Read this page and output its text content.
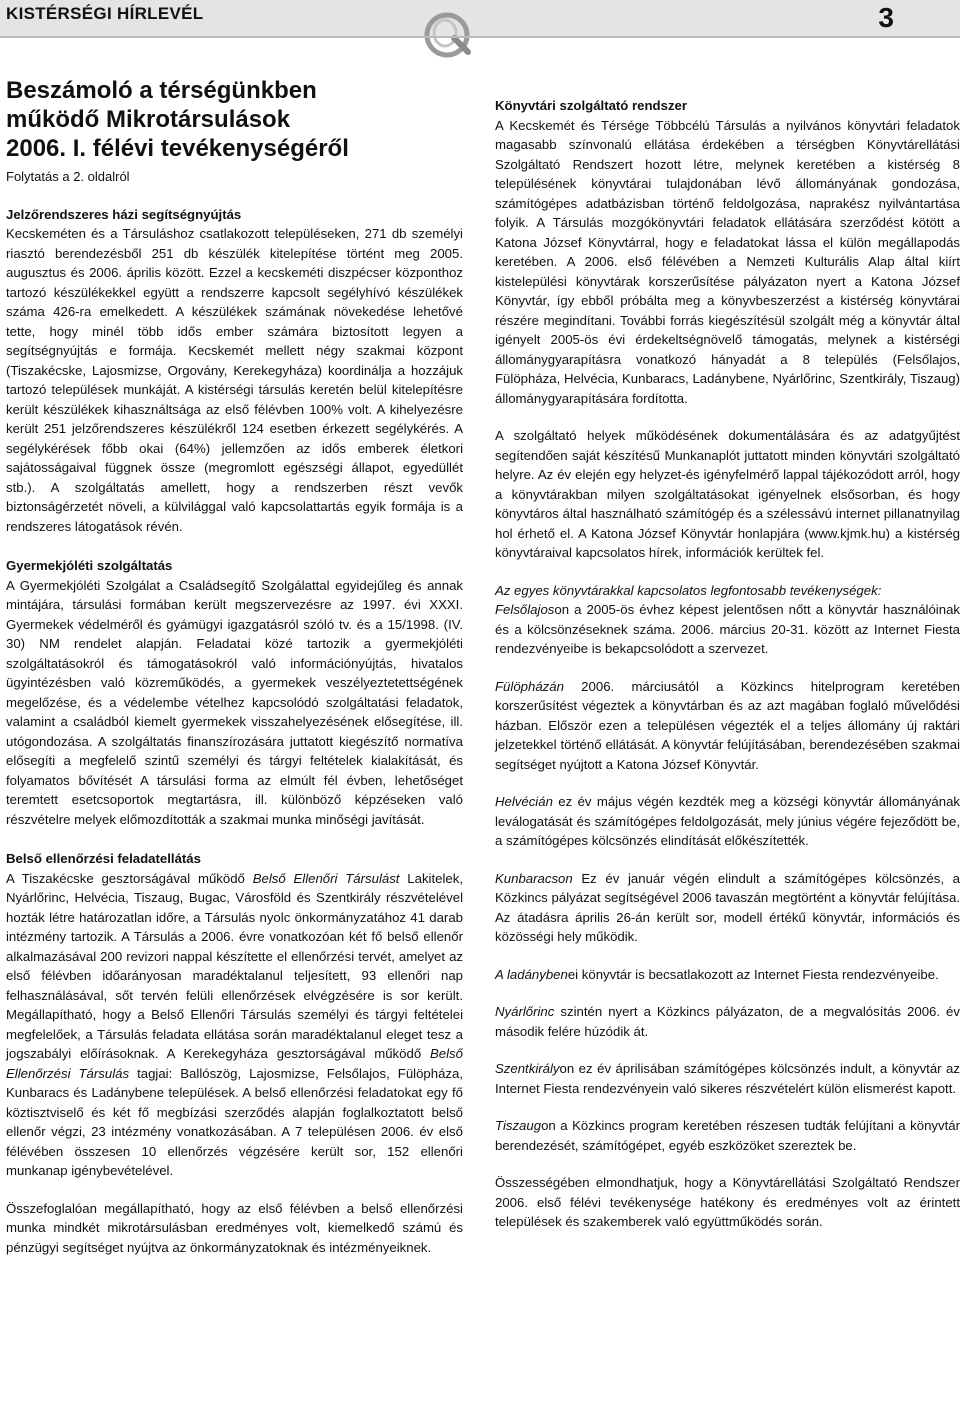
KISTÉRSÉGI HÍRLEVÉL	3

Beszámoló a térségünkben

működő Mikrotársulások

2006. I. félévi tevékenységéről

Folytatás a 2. oldalról

Jelzőrendszeres házi segítségnyújtás

Kecskeméten és a Társuláshoz csatlakozott településeken, 271 db személyi riasztó berendezésből 251 db készülék kitelepítése történt meg 2005. augusztus és 2006. április között. Ezzel a kecskeméti diszpécser központhoz tartozó készülékekkel együtt a rendszerre kapcsolt segélyhívó készülékek száma 426-ra emelkedett. A készülékek számának növekedése lehetővé tette, hogy minél több idős ember számára biztosított legyen a segítségnyújtás e formája. Kecskemét mellett négy szakmai központ (Tiszakécske, Lajosmizse, Orgovány, Kerekegyháza) koordinálja a hozzájuk tartozó települések munkáját. A kistérségi társulás keretén belül kitelepítésre került készülékek kihasználtsága az első félévben 100% volt. A kihelyezésre került 251 jelzőrendszeres készülékről 124 esetben érkezett segélykérés. A segélykérések főbb okai (64%) jellemzően az idős emberek életkori sajátosságaival függnek össze (megromlott egészségi állapot, egyedüllét stb.). A szolgáltatás amellett, hogy a rendszerben részt vevők biztonságérzetét növeli, a külvilággal való kapcsolattartás egyik formája is a rendszeres látogatások révén.

Gyermekjóléti szolgáltatás

A Gyermekjóléti Szolgálat a Családsegítő Szolgálattal egyidejűleg és annak mintájára, társulási formában került megszervezésre az 1997. évi XXXI. Gyermekek védelméről és gyámügyi igazgatásról szóló tv. és a 15/1998. (IV. 30) NM rendelet alapján. Feladatai közé tartozik a gyermekjóléti szolgáltatásokról és támogatásokról való információnyújtás, hivatalos ügyintézésben való közreműködés, a gyermekek veszélyeztetettségének megelőzése, és a védelembe vételhez kapcsolódó szolgáltatási feladatok, valamint a családból kiemelt gyermekek visszahelyezésének elősegítése, ill. utógondozása. A szolgáltatás finanszírozására juttatott kiegészítő normatíva elősegíti a megfelelő szintű személyi és tárgyi feltételek kialakítását, és folyamatos bővítését A társulási forma az elmúlt fél évben, lehetőséget teremtett esetcsoportok megtartásra, ill. különböző képzéseken való részvételre melyek előmozdították a szakmai munka minőségi javítását.

Belső ellenőrzési feladatellátás

A Tiszakécske gesztorságával működő Belső Ellenőri Társulást Lakitelek, Nyárlőrinc, Helvécia, Tiszaug, Bugac, Városföld és Szentkirály részvételével hozták létre határozatlan időre, a Társulás nyolc önkormányzatához 41 darab intézmény tartozik. A Társulás a 2006. évre vonatkozóan két fő belső ellenőr alkalmazásával 200 revizori nappal készítette el ellenőrzési tervét, amelyet az első félévben időarányosan maradéktalanul teljesített, 93 ellenőri nap felhasználásával, sőt tervén felüli ellenőrzések elvégzésére is sor került. Megállapítható, hogy a Belső Ellenőri Társulás személyi és tárgyi feltételei megfelelőek, a Társulás feladata ellátása során maradéktalanul eleget tesz a jogszabályi előírásoknak. A Kerekegyháza gesztorságával működő Belső Ellenőrzési Társulás tagjai: Ballószög, Lajosmizse, Felsőlajos, Fülöpháza, Kunbaracs és Ladánybene települések. A belső ellenőrzési feladatokat egy fő köztisztviselő és két fő megbízási szerződés alapján foglalkoztatott belső ellenőr végzi, 23 intézmény vonatkozásában. A 7 településen 2006. év első félévében összesen 10 ellenőrzés végzésére került sor, 152 ellenőri munkanap igénybevételével.

Összefoglalóan megállapítható, hogy az első félévben a belső ellenőrzési munka mindkét mikrotársulásban eredményes volt, kiemelkedő számú és pénzügyi segítséget nyújtva az önkormányzatoknak és intézményeiknek.

Könyvtári szolgáltató rendszer

A Kecskemét és Térsége Többcélú Társulás a nyilvános könyvtári feladatok magasabb színvonalú ellátása érdekében a térségben Könyvtárellátási Szolgáltató Rendszert hozott létre, melynek keretében a kistérség 8 településének könyvtárai tulajdonában lévő állományának gondozása, számítógépes adatbázisban történő feldolgozása, naprakész nyilvántartása folyik. A Társulás mozgókönyvtári feladatok ellátására szerződést kötött a Katona József Könyvtárral, hogy e feladatokat lássa el külön megállapodás keretében. A 2006. első félévében a Nemzeti Kulturális Alap által kiírt kistelepülési könyvtárak korszerűsítése pályázaton nyert a Katona József Könyvtár, így ebből próbálta meg a könyvbeszerzést a kistérség könyvtárai részére megindítani. További forrás kiegészítésül szolgált még a könyvtár által igényelt 2005-ös évi érdekeltségnövelő támogatás, melynek a kistérségi állománygyarapításra vonatkozó hányadát a 8 település (Felsőlajos, Fülöpháza, Helvécia, Kunbaracs, Ladánybene, Nyárlőrinc, Szentkirály, Tiszaug) állománygyarapítására fordította.

A szolgáltató helyek működésének dokumentálására és az adatgyűjtést segítendően saját készítésű Munkanaplót juttatott minden könyvtári szolgáltató helyre. Az év elején egy helyzet-és igényfelmérő lappal tájékozódott arról, hogy a könyvtárakban milyen szolgáltatásokat igényelnek elsősorban, és hogy könyvtáros által használható számítógép és a szélessávú internet pillanatnyilag hol érhető el. A Katona József Könyvtár honlapjára (www.kjmk.hu) a kistérség könyvtáraival kapcsolatos hírek, információk kerültek fel.

Az egyes könyvtárakkal kapcsolatos legfontosabb tevékenységek:

Felsőlajoson a 2005-ös évhez képest jelentősen nőtt a könyvtár használóinak és a kölcsönzéseknek száma. 2006. március 20-31. között az Internet Fiesta rendezvényeibe is bekapcsolódott a szervezet.

Fülöpházán 2006. márciusától a Közkincs hitelprogram keretében korszerűsítést végeztek a könyvtárban és az azt magában foglaló művelődési házban. Először ezen a településen végezték el a teljes állomány új raktári jelzetekkel történő ellátását. A könyvtár felújításában, berendezésében szakmai segítséget nyújtott a Katona József Könyvtár.

Helvécián ez év május végén kezdték meg a községi könyvtár állományának leválogatását és számítógépes feldolgozását, mely június végére fejeződött be, a számítógépes kölcsönzés elindítását előkészítették.

Kunbaracson Ez év január végén elindult a számítógépes kölcsönzés, a Közkincs pályázat segítségével 2006 tavaszán megtörtént a könyvtár felújítása. Az átadásra április 26-án került sor, modell értékű könyvtár, információs és közösségi hely működik.

A ladánybenei könyvtár is becsatlakozott az Internet Fiesta rendezvényeibe.

Nyárlőrinc szintén nyert a Közkincs pályázaton, de a megvalósítás 2006. év második felére húzódik át.

Szentkirályon ez év áprilisában számítógépes kölcsönzés indult, a könyvtár az Internet Fiesta rendezvényein való sikeres részvételért külön elismerést kapott.

Tiszaugon a Közkincs program keretében részesen tudták felújítani a könyvtár berendezését, számítógépet, egyéb eszközöket szereztek be.

Összességében elmondhatjuk, hogy a Könyvtárellátási Szolgáltató Rendszer 2006. első félévi tevékenysége hatékony és eredményes volt az érintett települések és szakemberek való együttműködés során.
